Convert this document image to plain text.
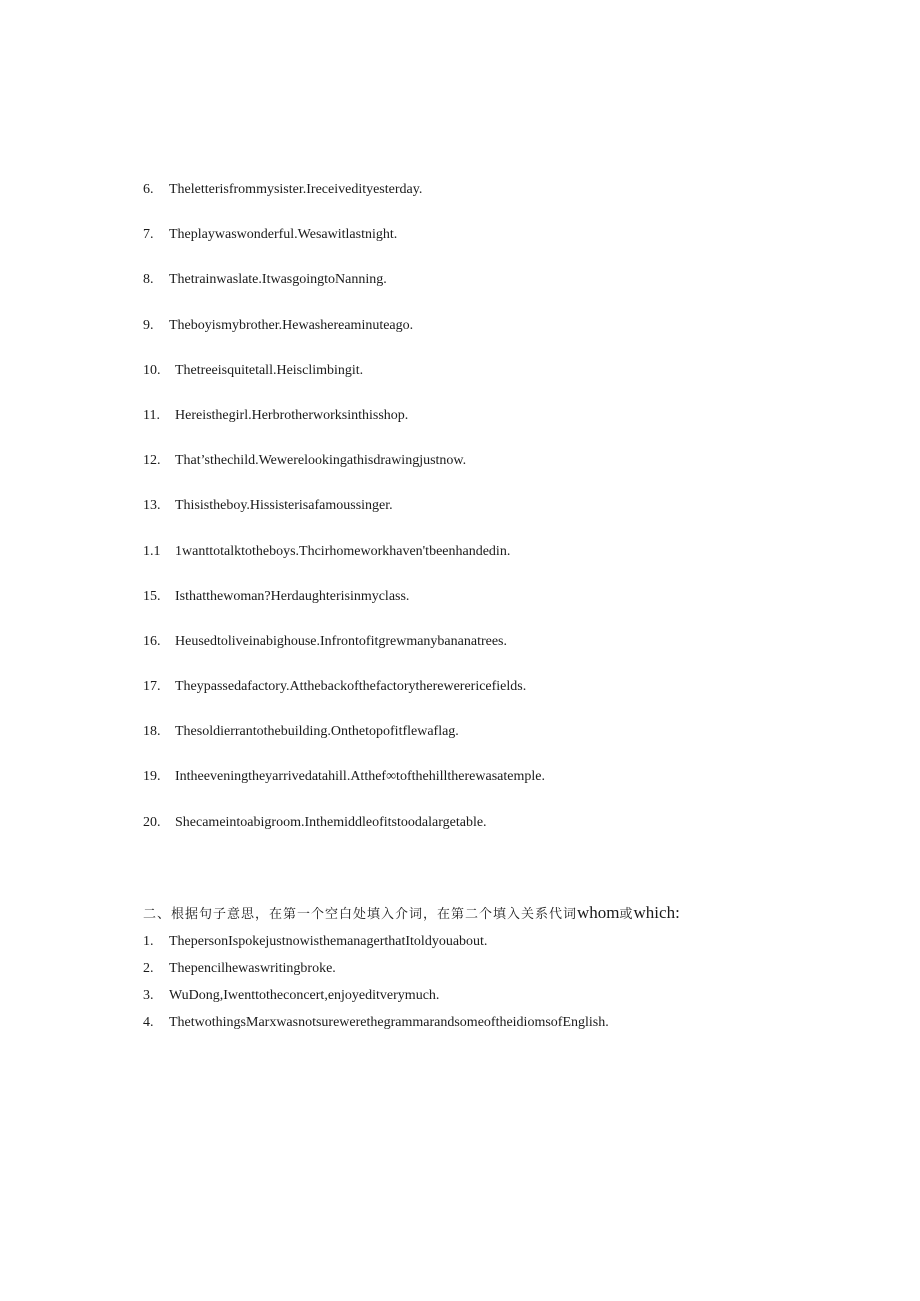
6.	Theletterisfrommysister.Ireceivedityesterday.
7.	Theplaywaswonderful.Wesawitlastnight.
8.	Thetrainwaslate.ItwasgoingtoNanning.
9.	Theboyismybrother.Hewashereaminuteago.
10.	Thetreeisquitetall.Heisclimbingit.
11.	Hereisthegirl.Herbrotherworksinthisshop.
12.	That’sthechild.Wewerelookingathisdrawingjustnow.
13.	Thisistheboy.Hissisterisafamoussinger.
1.1	1wanttotalktotheboys.Thcirhomeworkhaven'tbeenhandedin.
15.	Isthatthewoman?Herdaughterisinmyclass.
16.	Heusedtoliveinabighouse.Infrontofitgrewmanybananatrees.
17.	Theypassedafactory.Atthebackofthefactorytherewerericefields.
18.	Thesoldierrantothebuilding.Onthetopofitflewaflag.
19.	Intheeveningtheyarrivedatahill.Atthef∞tofthehilltherewasatemple.
20.	Shecameintoabigroom.Inthemiddleofitstoodalargetable.
二、根据句子意思，在第一个空白处填入介词，在第二个填入关系代词whom或which:
1.	ThepersonIspokejustnowisthemanagerthatItoldyouabout.
2.	Thepencilhewaswritingbroke.
3.	WuDong,Iwenttotheconcert,enjoyeditverymuch.
4.	ThetwothingsMarxwasnotsurewerethegrammarandsomeoftheidiomsofEnglish.
